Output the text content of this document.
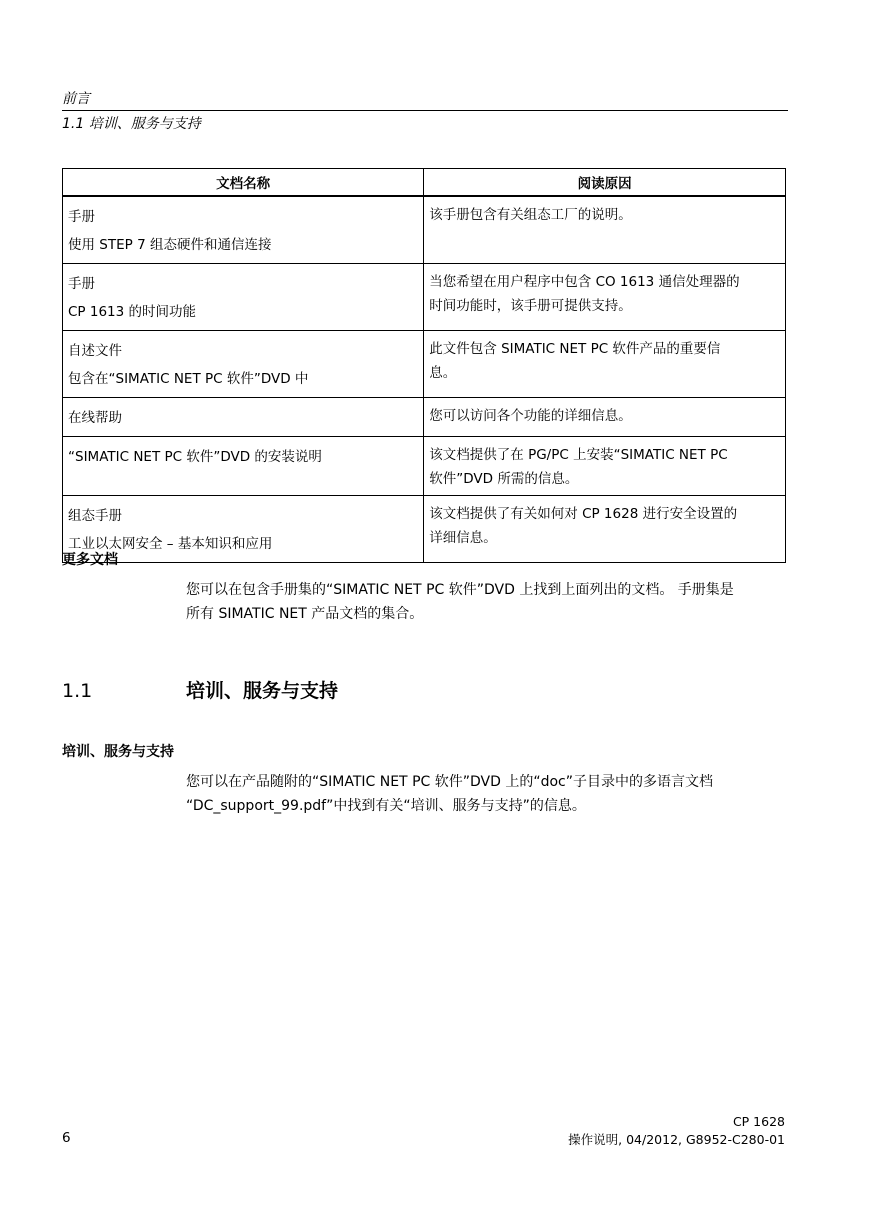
前言
1.1 培训、服务与支持
文档名称	阅读原因

手册
使用 STEP 7 组态硬件和通信连接	该手册包含有关组态工厂的说明。

手册
CP 1613 的时间功能	当您希望在用户程序中包含 CO 1613 通信处理器的
时间功能时，该手册可提供支持。

自述文件
包含在“SIMATIC NET PC 软件”DVD 中	此文件包含 SIMATIC NET PC 软件产品的重要信
息。

在线帮助	您可以访问各个功能的详细信息。

“SIMATIC NET PC 软件”DVD 的安装说明	该文档提供了在 PG/PC 上安装“SIMATIC NET PC
软件”DVD 所需的信息。

组态手册
工业以太网安全 – 基本知识和应用	该文档提供了有关如何对 CP 1628 进行安全设置的
详细信息。
更多文档
您可以在包含手册集的“SIMATIC NET PC 软件”DVD 上找到上面列出的文档。 手册集是
所有 SIMATIC NET 产品文档的集合。
1.1	培训、服务与支持
培训、服务与支持
您可以在产品随附的“SIMATIC NET PC 软件”DVD 上的“doc”子目录中的多语言文档
“DC_support_99.pdf”中找到有关“培训、服务与支持”的信息。
6
CP 1628
操作说明, 04/2012, G8952-C280-01
